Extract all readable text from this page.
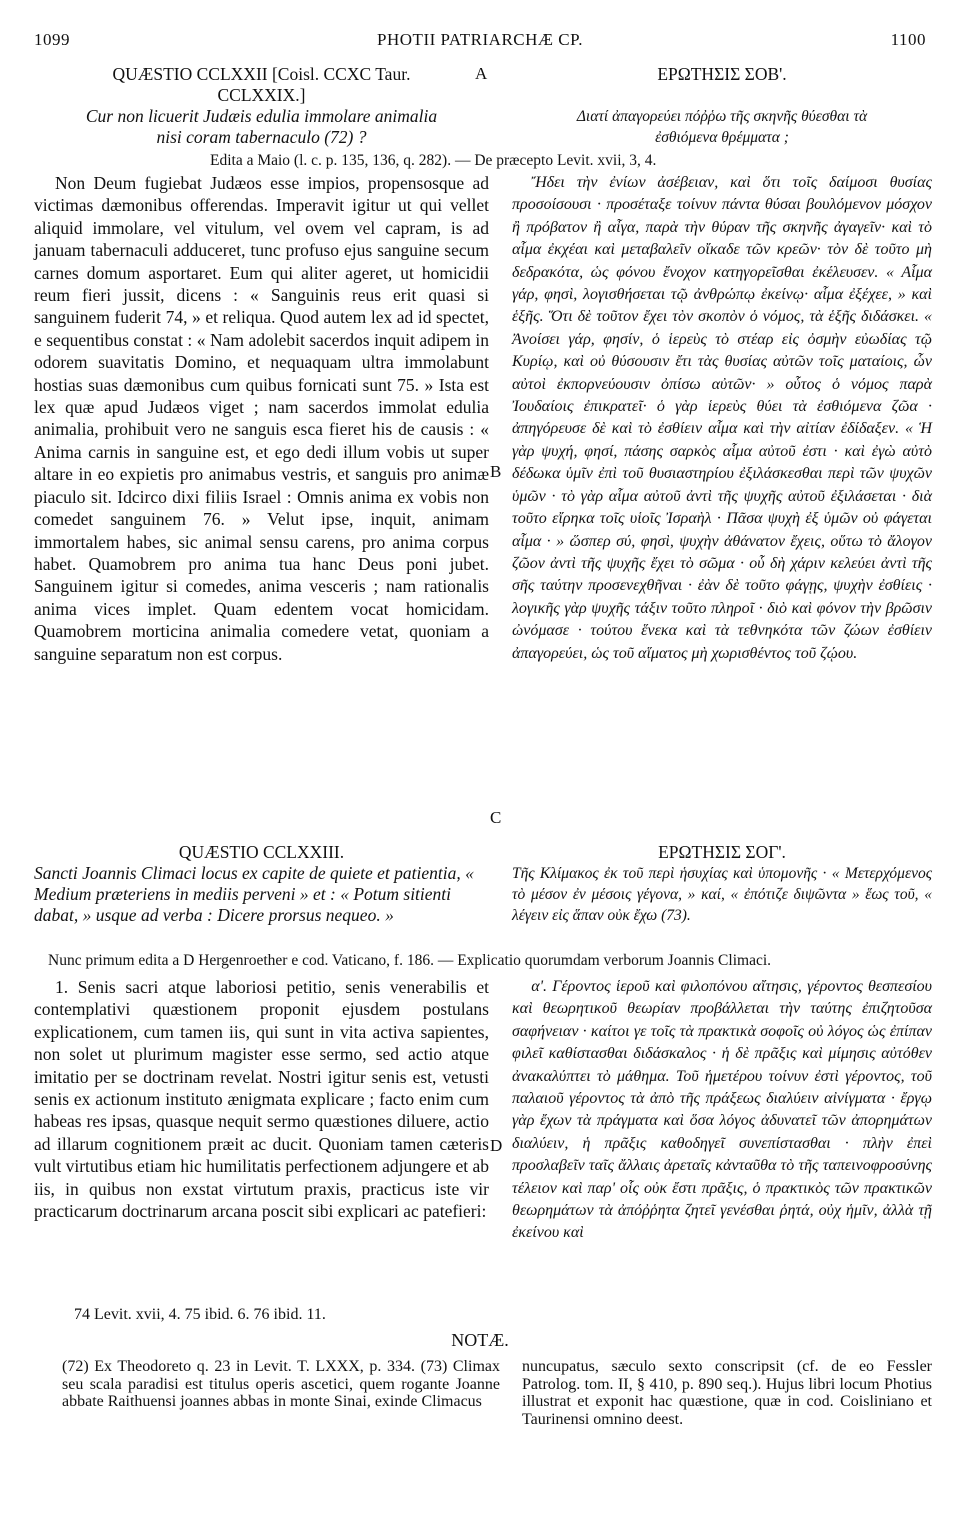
1099	PHOTII PATRIARCHÆ CP.	1100
QUÆSTIO CCLXXII [Coisl. CCXC Taur.
CCLXXIX.]
Cur non licuerit Judæis edulia immolare animalia
nisi coram tabernaculo (72) ?
A	ΕΡΩΤΗΣΙΣ ΣΟΒ'.
Διατί ἀπαγορεύει πόῤῥω τῆς σκηνῆς θύεσθαι τὰ
ἐσθιόμενα θρέμματα ;
Edita a Maio (l. c. p. 135, 136, q. 282). — De præcepto Levit. xvii, 3, 4.

Non Deum fugiebat Judæos esse impios, propensosque ad victimas dæmonibus offerendas. Imperavit igitur ut qui vellet aliquid immolare, vel vitulum, vel ovem vel capram, is ad januam tabernaculi adduceret, tunc profuso ejus sanguine secum carnes domum asportaret. Eum qui aliter ageret, ut homicidii reum fieri jussit, dicens : « Sanguinis reus erit quasi si sanguinem fuderit 74, » et reliqua. Quod autem lex ad id spectet, e sequentibus constat : « Nam adolebit sacerdos inquit adipem in odorem suavitatis Domino, et nequaquam ultra immolabunt hostias suas dæmonibus cum quibus fornicati sunt 75. » Ista est lex quæ apud Judæos viget ; nam sacerdos immolat edulia animalia, prohibuit vero ne sanguis esca fieret his de causis : « Anima carnis in sanguine est, et ego dedi illum vobis ut super altare in eo expietis pro animabus vestris, et sanguis pro animæ piaculo sit. Idcirco dixi filiis Israel : Omnis anima ex vobis non comedet sanguinem 76. » Velut ipse, inquit, animam immortalem habes, sic animal sensu carens, pro anima corpus habet. Quamobrem pro anima tua hanc Deus poni jubet. Sanguinem igitur si comedes, anima vesceris ; nam rationalis anima vices implet. Quam edentem vocat homicidam. Quamobrem morticina animalia comedere vetat, quoniam a sanguine separatum non est corpus.

Ἤδει τὴν ἐνίων ἀσέβειαν, καὶ ὅτι τοῖς δαίμοσι θυσίας προσοίσουσι · προσέταξε τοίνυν πάντα θύσαι βουλόμενον μόσχον ἢ πρόβατον ἢ αἶγα, παρὰ τὴν θύραν τῆς σκηνῆς ἀγαγεῖν· καὶ τὸ αἷμα ἐκχέαι καὶ μεταβαλεῖν οἴκαδε τῶν κρεῶν· τὸν δὲ τοῦτο μὴ δεδρακότα, ὡς φόνου ἔνοχον κατηγορεῖσθαι ἐκέλευσεν. « Αἷμα γάρ, φησὶ, λογισθήσεται τῷ ἀνθρώπῳ ἐκείνῳ· αἷμα ἐξέχεε, » καὶ ἑξῆς. Ὅτι δὲ τοῦτον ἔχει τὸν σκοπὸν ὁ νόμος, τὰ ἑξῆς διδάσκει. « Ἀνοίσει γάρ, φησίν, ὁ ἱερεὺς τὸ στέαρ εἰς ὀσμὴν εὐωδίας τῷ Κυρίῳ, καὶ οὐ θύσουσιν ἔτι τὰς θυσίας αὐτῶν τοῖς ματαίοις, ὧν αὐτοὶ ἐκπορνεύουσιν ὀπίσω αὐτῶν· » οὗτος ὁ νόμος παρὰ Ἰουδαίοις ἐπικρατεῖ· ὁ γὰρ ἱερεὺς θύει τὰ ἐσθιόμενα ζῶα · ἀπηγόρευσε δὲ καὶ τὸ ἐσθίειν αἷμα καὶ τὴν αἰτίαν ἐδίδαξεν. « Ἡ γὰρ ψυχή, φησί, πάσης σαρκὸς αἷμα αὐτοῦ ἐστι · καὶ ἐγὼ αὐτὸ δέδωκα ὑμῖν ἐπὶ τοῦ θυσιαστηρίου ἐξιλάσκεσθαι περὶ τῶν ψυχῶν ὑμῶν · τὸ γὰρ αἷμα αὐτοῦ ἀντὶ τῆς ψυχῆς αὐτοῦ ἐξιλάσεται · διὰ τοῦτο εἴρηκα τοῖς υἱοῖς Ἰσραὴλ · Πᾶσα ψυχὴ ἐξ ὑμῶν οὐ φάγεται αἷμα · » ὥσπερ σύ, φησὶ, ψυχὴν ἀθάνατον ἔχεις, οὕτω τὸ ἄλογον ζῶον ἀντὶ τῆς ψυχῆς ἔχει τὸ σῶμα · οὗ δὴ χάριν κελεύει ἀντὶ τῆς σῆς ταύτην προσενεχθῆναι · ἐὰν δὲ τοῦτο φάγῃς, ψυχὴν ἐσθίεις · λογικῆς γὰρ ψυχῆς τάξιν τοῦτο πληροῖ · διὸ καὶ φόνον τὴν βρῶσιν ὠνόμασε · τούτου ἕνεκα καὶ τὰ τεθνηκότα τῶν ζώων ἐσθίειν ἀπαγορεύει, ὡς τοῦ αἵματος μὴ χωρισθέντος τοῦ ζῴου.

B
C
QUÆSTIO CCLXXIII.
Sancti Joannis Climaci locus ex capite de quiete et patientia, « Medium præteriens in mediis perveni » et : « Potum sitienti dabat, » usque ad verba : Dicere prorsus nequeo. »
ΕΡΩΤΗΣΙΣ ΣΟΓ'.
Τῆς Κλίμακος ἐκ τοῦ περὶ ἡσυχίας καὶ ὑπομονῆς · « Μετερχόμενος τὸ μέσον ἐν μέσοις γέγονα, » καί, « ἐπότιζε διψῶντα » ἕως τοῦ, « λέγειν εἰς ἅπαν οὐκ ἔχω (73).
Nunc primum edita a D Hergenroether e cod. Vaticano, f. 186. — Explicatio quorumdam verborum Joannis Climaci.

1. Senis sacri atque laboriosi petitio, senis venerabilis et contemplativi quæstionem proponit ejusdem postulans explicationem, cum tamen iis, qui sunt in vita activa sapientes, non solet ut plurimum magister esse sermo, sed actio atque imitatio per se doctrinam revelat. Nostri igitur senis est, vetusti senis ex actionum instituto ænigmata explicare ; facto enim cum habeas res ipsas, quasque nequit sermo quæstiones diluere, actio ad illarum cognitionem præit ac ducit. Quoniam tamen cæteris vult virtutibus etiam hic humilitatis perfectionem adjungere et ab iis, in quibus non exstat virtutum praxis, practicus iste vir practicarum doctrinarum arcana poscit sibi explicari ac patefieri:

α'. Γέροντος ἱεροῦ καὶ φιλοπόνου αἴτησις, γέροντος θεσπεσίου καὶ θεωρητικοῦ θεωρίαν προβάλλεται τὴν ταύτης ἐπιζητοῦσα σαφήνειαν · καίτοι γε τοῖς τὰ πρακτικὰ σοφοῖς οὐ λόγος ὡς ἐπίπαν φιλεῖ καθίστασθαι διδάσκαλος · ἡ δὲ πρᾶξις καὶ μίμησις αὐτόθεν ἀνακαλύπτει τὸ μάθημα. Τοῦ ἡμετέρου τοίνυν ἐστὶ γέροντος, τοῦ παλαιοῦ γέροντος τὰ ἀπὸ τῆς πράξεως διαλύειν αἰνίγματα · ἔργῳ γὰρ ἔχων τὰ πράγματα καὶ ὅσα λόγος ἀδυνατεῖ τῶν ἀπορημάτων διαλύειν, ἡ πρᾶξις καθοδηγεῖ συνεπίστασθαι · πλὴν ἐπεὶ προσλαβεῖν ταῖς ἄλλαις ἀρεταῖς κἀνταῦθα τὸ τῆς ταπεινοφροσύνης τέλειον καὶ παρ' οἷς οὐκ ἔστι πρᾶξις, ὁ πρακτικὸς τῶν πρακτικῶν θεωρημάτων τὰ ἀπόῤῥητα ζητεῖ γενέσθαι ῥητά, οὐχ ἡμῖν, ἀλλὰ τῇ ἐκείνου καὶ

D
74 Levit. xvii, 4. 75 ibid. 6. 76 ibid. 11.
NOTÆ.

(72) Ex Theodoreto q. 23 in Levit. T. LXXX, p. 334. (73) Climax seu scala paradisi est titulus operis ascetici, quem rogante Joanne abbate Raithuensi joannes abbas in monte Sinai, exinde Climacus

nuncupatus, sæculo sexto conscripsit (cf. de eo Fessler Patrolog. tom. II, § 410, p. 890 seq.). Hujus libri locum Photius illustrat et exponit hac quæstione, quæ in cod. Coisliniano et Taurinensi omnino deest.
